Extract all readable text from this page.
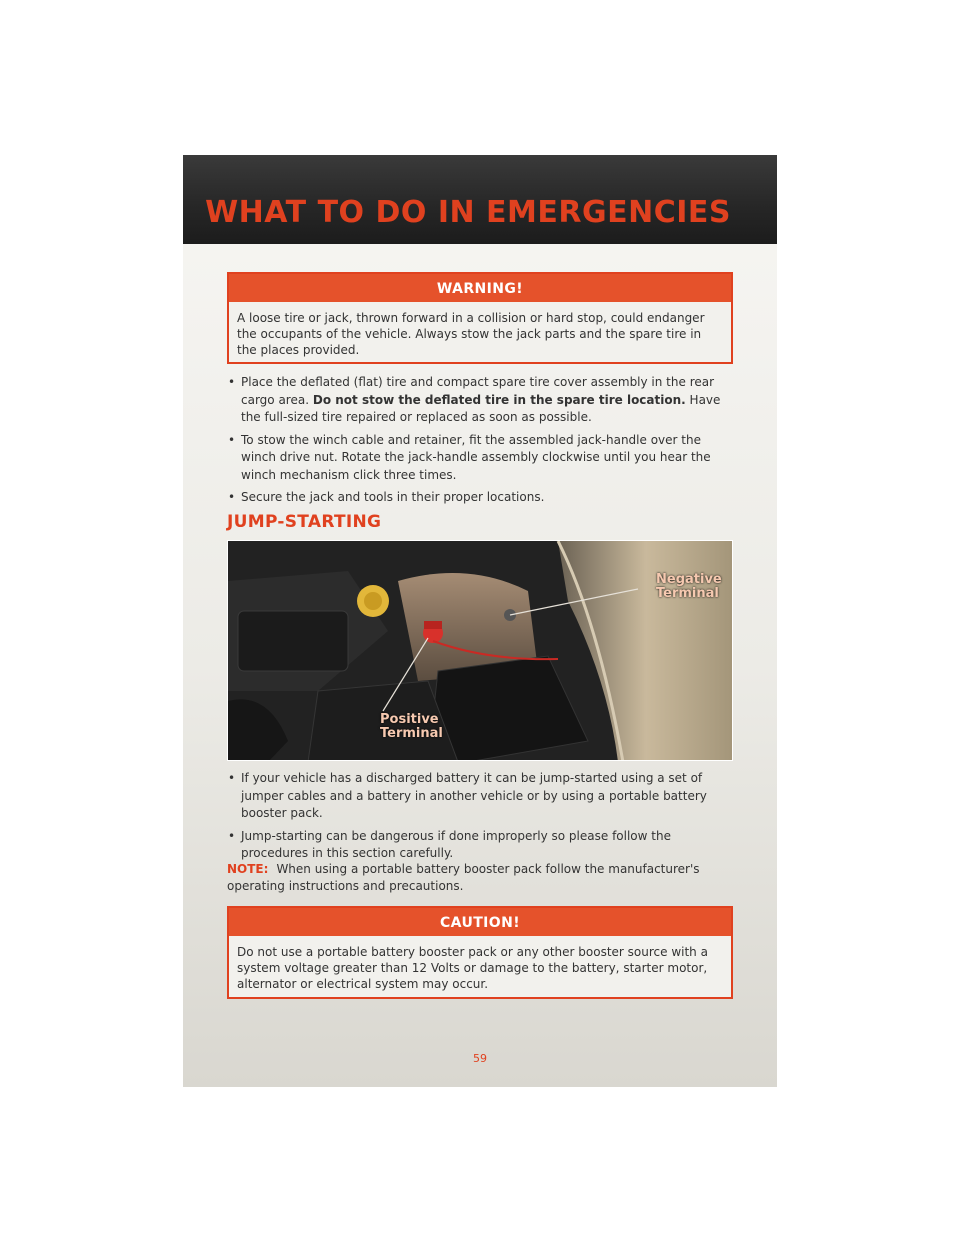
WHAT TO DO IN EMERGENCIES
WARNING!
A loose tire or jack, thrown forward in a collision or hard stop, could endanger the occupants of the vehicle. Always stow the jack parts and the spare tire in the places provided.
• Place the deflated (flat) tire and compact spare tire cover assembly in the rear cargo area. Do not stow the deflated tire in the spare tire location. Have the full-sized tire repaired or replaced as soon as possible.
• To stow the winch cable and retainer, fit the assembled jack-handle over the winch drive nut. Rotate the jack-handle assembly clockwise until you hear the winch mechanism click three times.
• Secure the jack and tools in their proper locations.
JUMP-STARTING
Negative
Terminal
Positive
Terminal
• If your vehicle has a discharged battery it can be jump-started using a set of jumper cables and a battery in another vehicle or by using a portable battery booster pack.
• Jump-starting can be dangerous if done improperly so please follow the procedures in this section carefully.
NOTE: When using a portable battery booster pack follow the manufacturer's operating instructions and precautions.
CAUTION!
Do not use a portable battery booster pack or any other booster source with a system voltage greater than 12 Volts or damage to the battery, starter motor, alternator or electrical system may occur.
59
